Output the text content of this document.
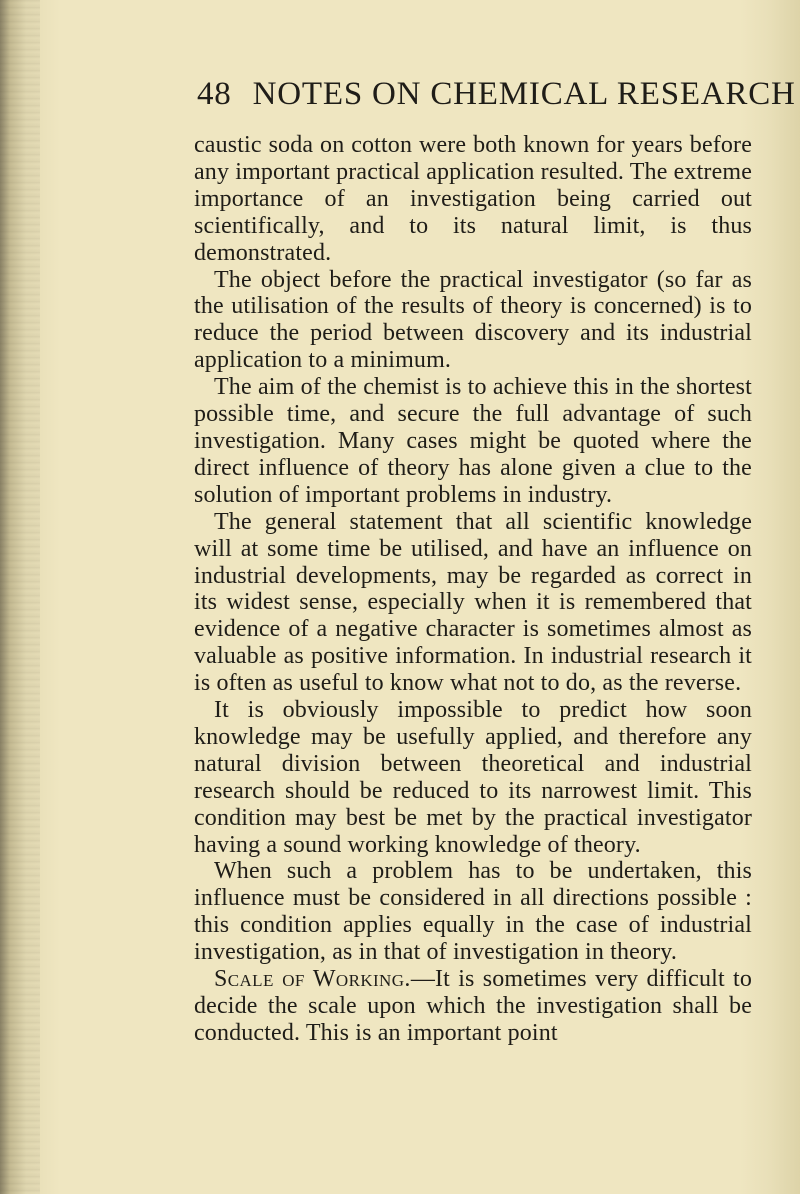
48 NOTES ON CHEMICAL RESEARCH

caustic soda on cotton were both known for years before any important practical application resulted. The extreme importance of an investigation being carried out scientifically, and to its natural limit, is thus demonstrated.

The object before the practical investigator (so far as the utilisation of the results of theory is concerned) is to reduce the period between discovery and its industrial application to a minimum.

The aim of the chemist is to achieve this in the shortest possible time, and secure the full advantage of such investigation. Many cases might be quoted where the direct influence of theory has alone given a clue to the solution of important problems in industry.

The general statement that all scientific knowledge will at some time be utilised, and have an influence on industrial developments, may be regarded as correct in its widest sense, especially when it is remembered that evidence of a negative character is sometimes almost as valuable as positive information. In industrial research it is often as useful to know what not to do, as the reverse.

It is obviously impossible to predict how soon knowledge may be usefully applied, and therefore any natural division between theoretical and industrial research should be reduced to its narrowest limit. This condition may best be met by the practical investigator having a sound working knowledge of theory.

When such a problem has to be undertaken, this influence must be considered in all directions possible : this condition applies equally in the case of industrial investigation, as in that of investigation in theory.

Scale of Working.—It is sometimes very difficult to decide the scale upon which the investigation shall be conducted. This is an important point
